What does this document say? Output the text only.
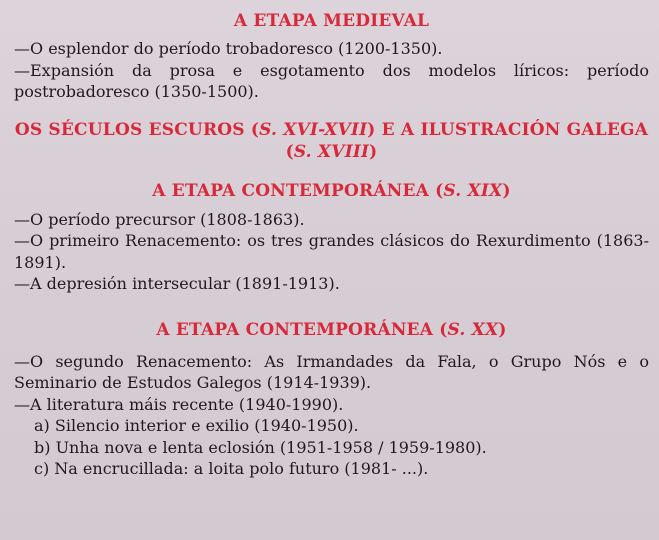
A ETAPA MEDIEVAL

—O esplendor do período trobadoresco (1200-1350).

—Expansión da prosa e esgotamento dos modelos líricos: período postrobadoresco (1350-1500).

OS SÉCULOS ESCUROS (S. XVI-XVII) E A ILUSTRACIÓN GALEGA
(S. XVIII)
A ETAPA CONTEMPORÁNEA (S. XIX)

—O período precursor (1808-1863).

—O primeiro Renacemento: os tres grandes clásicos do Rexurdimento (1863-1891).

—A depresión intersecular (1891-1913).

A ETAPA CONTEMPORÁNEA (S. XX)

—O segundo Renacemento: As Irmandades da Fala, o Grupo Nós e o Seminario de Estudos Galegos (1914-1939).

—A literatura máis recente (1940-1990).

a) Silencio interior e exilio (1940-1950).

b) Unha nova e lenta eclosión (1951-1958 / 1959-1980).

c) Na encrucillada: a loita polo futuro (1981- ...).
